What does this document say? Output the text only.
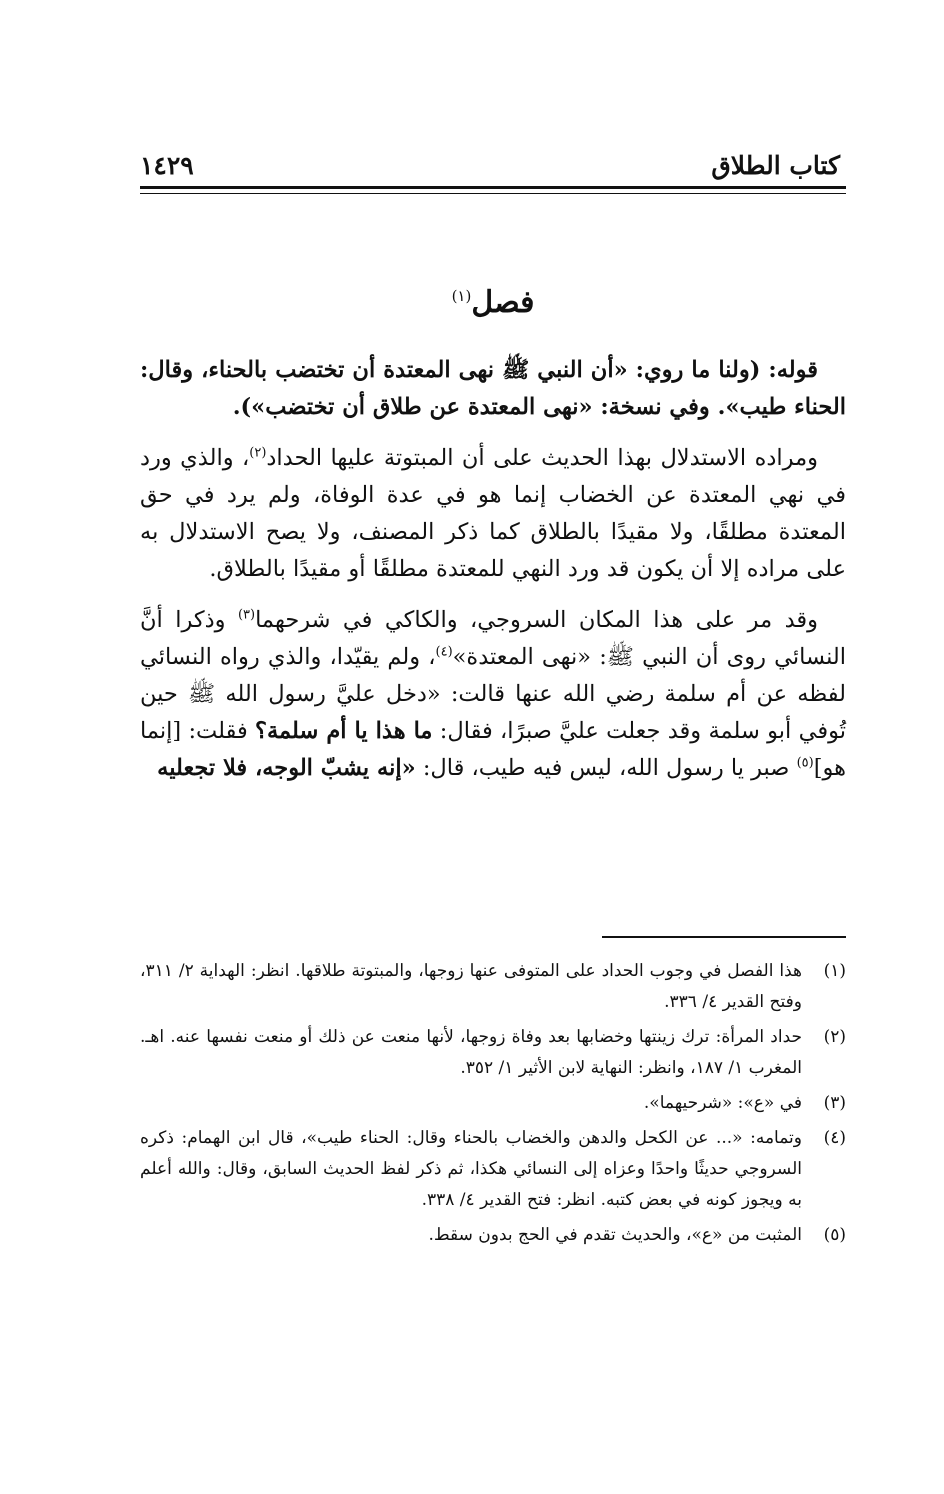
كتاب الطلاق
١٤٢٩
فصل$^{(١)}$

قوله: (ولنا ما روي: «أن النبي ﷺ نهى المعتدة أن تختضب بالحناء، وقال: الحناء طيب». وفي نسخة: «نهى المعتدة عن طلاق أن تختضب»).

ومراده الاستدلال بهذا الحديث على أن المبتوتة عليها الحداد$^{(٢)}$، والذي ورد في نهي المعتدة عن الخضاب إنما هو في عدة الوفاة، ولم يرد في حق المعتدة مطلقًا، ولا مقيدًا بالطلاق كما ذكر المصنف، ولا يصح الاستدلال به على مراده إلا أن يكون قد ورد النهي للمعتدة مطلقًا أو مقيدًا بالطلاق.

وقد مر على هذا المكان السروجي، والكاكي في شرحهما$^{(٣)}$ وذكرا أنَّ النسائي روى أن النبي ﷺ: «نهى المعتدة»$^{(٤)}$، ولم يقيّدا، والذي رواه النسائي لفظه عن أم سلمة رضي الله عنها قالت: «دخل عليَّ رسول الله ﷺ حين تُوفي أبو سلمة وقد جعلت عليَّ صبرًا، فقال: ما هذا يا أم سلمة؟ فقلت: [إنما هو]$^{(٥)}$ صبر يا رسول الله، ليس فيه طيب، قال: «إنه يشبّ الوجه، فلا تجعليه

(١)
هذا الفصل في وجوب الحداد على المتوفى عنها زوجها، والمبتوتة طلاقها. انظر: الهداية ٢/ ٣١١، وفتح القدير ٤/ ٣٣٦.
(٢)
حداد المرأة: ترك زينتها وخضابها بعد وفاة زوجها، لأنها منعت عن ذلك أو منعت نفسها عنه. اهـ. المغرب ١/ ١٨٧، وانظر: النهاية لابن الأثير ١/ ٣٥٢.
(٣)
في «ع»: «شرحيهما».
(٤)
وتمامه: «... عن الكحل والدهن والخضاب بالحناء وقال: الحناء طيب»، قال ابن الهمام: ذكره السروجي حديثًا واحدًا وعزاه إلى النسائي هكذا، ثم ذكر لفظ الحديث السابق، وقال: والله أعلم به ويجوز كونه في بعض كتبه. انظر: فتح القدير ٤/ ٣٣٨.
(٥)
المثبت من «ع»، والحديث تقدم في الحج بدون سقط.
